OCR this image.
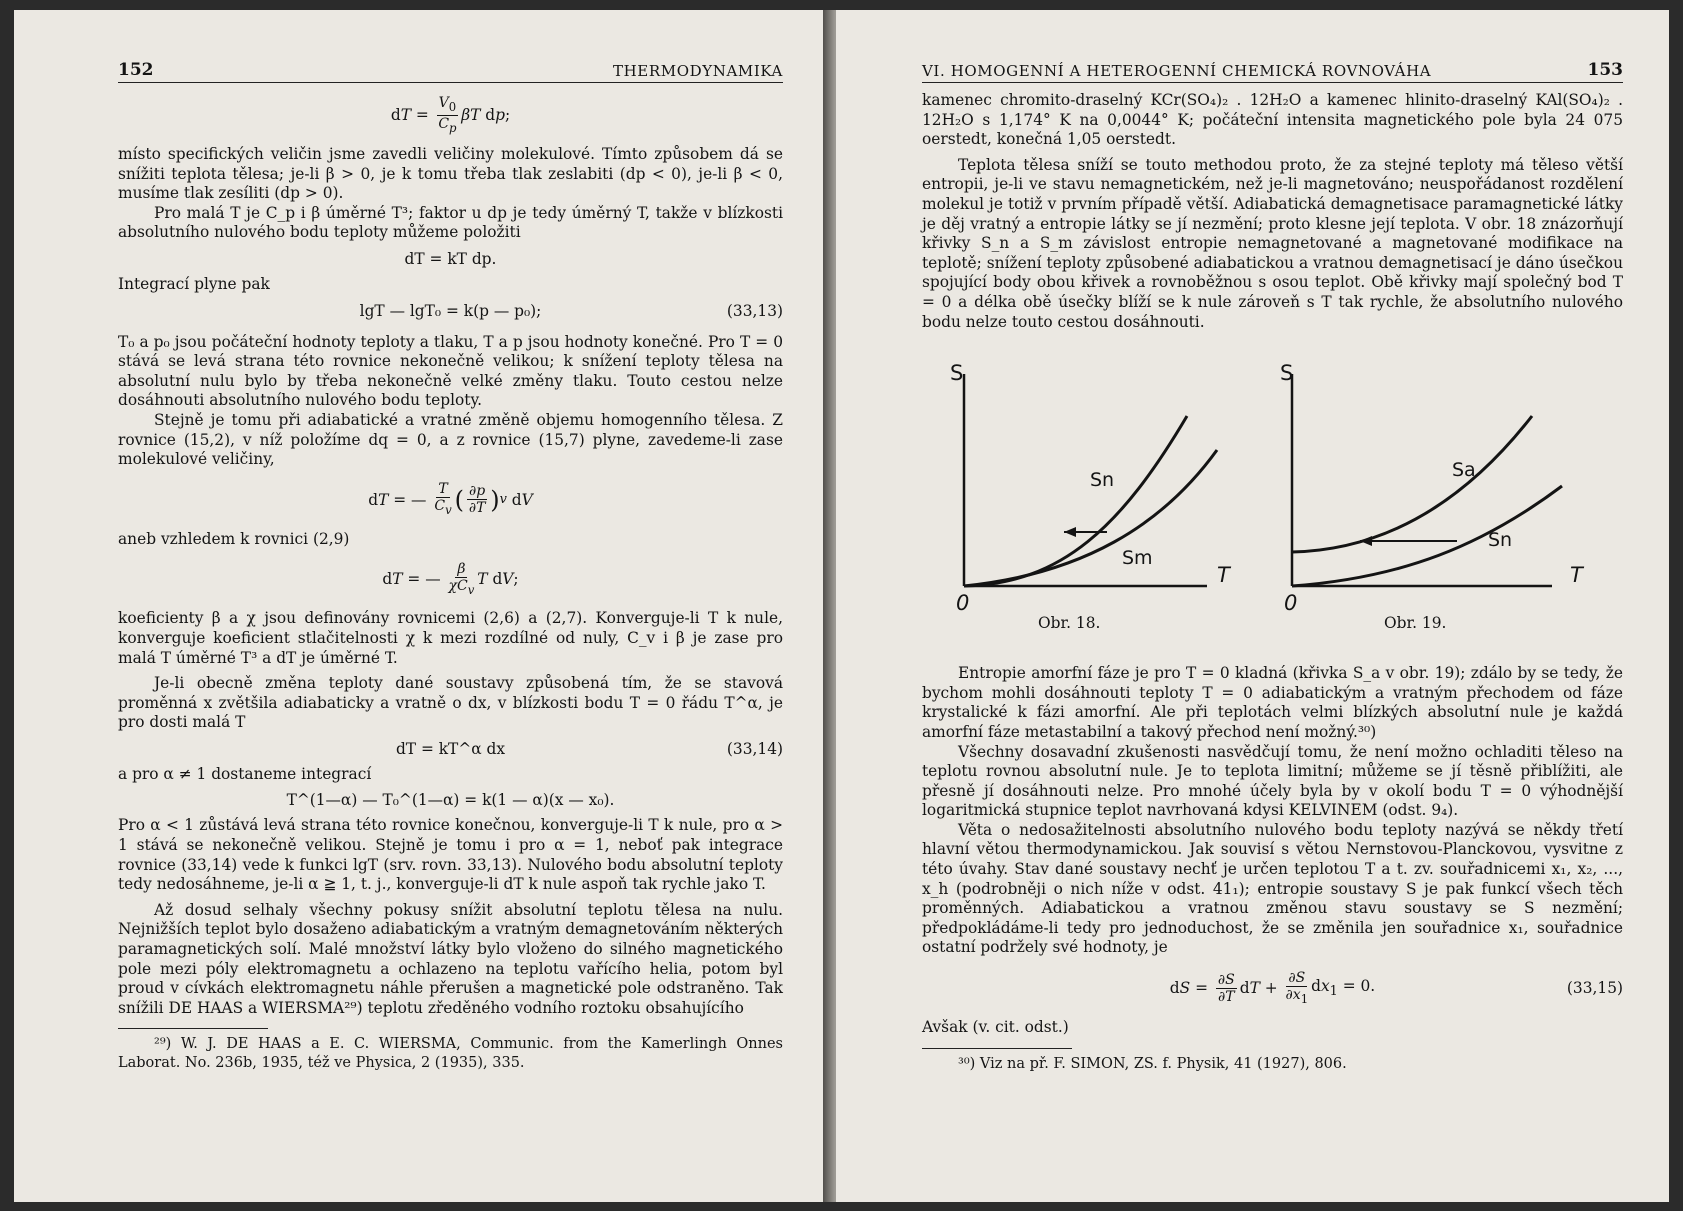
152	THERMODYNAMIKA
dT = $\frac{V_0}{C_p}$ βT dp;

místo specifických veličin jsme zavedli veličiny molekulové. Tímto způsobem dá se snížiti teplota tělesa; je-li β > 0, je k tomu třeba tlak zeslabiti (dp < 0), je-li β < 0, musíme tlak zesíliti (dp > 0).

Pro malá T je C_p i β úměrné T³; faktor u dp je tedy úměrný T, takže v blízkosti absolutního nulového bodu teploty můžeme položiti

dT = kT dp.

Integrací plyne pak

lgT — lgT₀ = k(p — p₀);	(33,13)

T₀ a p₀ jsou počáteční hodnoty teploty a tlaku, T a p jsou hodnoty konečné. Pro T = 0 stává se levá strana této rovnice nekonečně velikou; k snížení teploty tělesa na absolutní nulu bylo by třeba nekonečně velké změny tlaku. Touto cestou nelze dosáhnouti absolutního nulového bodu teploty.

Stejně je tomu při adiabatické a vratné změně objemu homogenního tělesa. Z rovnice (15,2), v níž položíme dq = 0, a z rovnice (15,7) plyne, zavedeme-li zase molekulové veličiny,

dT = — $\frac{T}{C_v}$ ( $\frac{\partial p}{\partial T}$ ) v dV

aneb vzhledem k rovnici (2,9)

dT = — $\frac{\beta}{\chi C_v}$ T dV;

koeficienty β a χ jsou definovány rovnicemi (2,6) a (2,7). Konverguje-li T k nule, konverguje koeficient stlačitelnosti χ k mezi rozdílné od nuly, C_v i β je zase pro malá T úměrné T³ a dT je úměrné T.

Je-li obecně změna teploty dané soustavy způsobená tím, že se stavová proměnná x zvětšila adiabaticky a vratně o dx, v blízkosti bodu T = 0 řádu T^α, je pro dosti malá T

dT = kT^α dx	(33,14)

a pro α ≠ 1 dostaneme integrací

T^(1—α) — T₀^(1—α) = k(1 — α)(x — x₀).

Pro α < 1 zůstává levá strana této rovnice konečnou, konverguje-li T k nule, pro α > 1 stává se nekonečně velikou. Stejně je tomu i pro α = 1, neboť pak integrace rovnice (33,14) vede k funkci lgT (srv. rovn. 33,13). Nulového bodu absolutní teploty tedy nedosáhneme, je-li α ≧ 1, t. j., konverguje-li dT k nule aspoň tak rychle jako T.

Až dosud selhaly všechny pokusy snížit absolutní teplotu tělesa na nulu. Nejnižších teplot bylo dosaženo adiabatickým a vratným demagnetováním některých paramagnetických solí. Malé množství látky bylo vloženo do silného magnetického pole mezi póly elektromagnetu a ochlazeno na teplotu vařícího helia, potom byl proud v cívkách elektromagnetu náhle přerušen a magnetické pole odstraněno. Tak snížili DE HAAS a WIERSMA²⁹) teplotu zředěného vodního roztoku obsahujícího

²⁹) W. J. DE HAAS a E. C. WIERSMA, Communic. from the Kamerlingh Onnes Laborat. No. 236b, 1935, též ve Physica, 2 (1935), 335.

VI. HOMOGENNÍ A HETEROGENNÍ CHEMICKÁ ROVNOVÁHA	153

kamenec chromito-draselný KCr(SO₄)₂ . 12H₂O a kamenec hlinito-draselný KAl(SO₄)₂ . 12H₂O s 1,174° K na 0,0044° K; počáteční intensita magnetického pole byla 24 075 oerstedt, konečná 1,05 oerstedt.

Teplota tělesa sníží se touto methodou proto, že za stejné teploty má těleso větší entropii, je-li ve stavu nemagnetickém, než je-li magnetováno; neuspořádanost rozdělení molekul je totiž v prvním případě větší. Adiabatická demagnetisace paramagnetické látky je děj vratný a entropie látky se jí nezmění; proto klesne její teplota. V obr. 18 znázorňují křivky S_n a S_m závislost entropie nemagnetované a magnetované modifikace na teplotě; snížení teploty způsobené adiabatickou a vratnou demagnetisací je dáno úsečkou spojující body obou křivek a rovnoběžnou s osou teplot. Obě křivky mají společný bod T = 0 a délka obě úsečky blíží se k nule zároveň s T tak rychle, že absolutního nulového bodu nelze touto cestou dosáhnouti.

S
T
0
Sn
Sm
S
T
0
Sa
Sn
Obr. 18.	Obr. 19.

Entropie amorfní fáze je pro T = 0 kladná (křivka S_a v obr. 19); zdálo by se tedy, že bychom mohli dosáhnouti teploty T = 0 adiabatickým a vratným přechodem od fáze krystalické k fázi amorfní. Ale při teplotách velmi blízkých absolutní nule je každá amorfní fáze metastabilní a takový přechod není možný.³⁰)

Všechny dosavadní zkušenosti nasvědčují tomu, že není možno ochladiti těleso na teplotu rovnou absolutní nule. Je to teplota limitní; můžeme se jí těsně přiblížiti, ale přesně jí dosáhnouti nelze. Pro mnohé účely byla by v okolí bodu T = 0 výhodnější logaritmická stupnice teplot navrhovaná kdysi KELVINEM (odst. 9₄).

Věta o nedosažitelnosti absolutního nulového bodu teploty nazývá se někdy třetí hlavní větou thermodynamickou. Jak souvisí s větou Nernstovou-Planckovou, vysvitne z této úvahy. Stav dané soustavy nechť je určen teplotou T a t. zv. souřadnicemi x₁, x₂, ..., x_h (podrobněji o nich níže v odst. 41₁); entropie soustavy S je pak funkcí všech těch proměnných. Adiabatickou a vratnou změnou stavu soustavy se S nezmění; předpokládáme-li tedy pro jednoduchost, že se změnila jen souřadnice x₁, souřadnice ostatní podržely své hodnoty, je

dS = $\frac{\partial S}{\partial T}$ dT + $\frac{\partial S}{\partial x_1} dx_1 = 0$.	(33,15)

Avšak (v. cit. odst.)

³⁰) Viz na př. F. SIMON, ZS. f. Physik, 41 (1927), 806.
